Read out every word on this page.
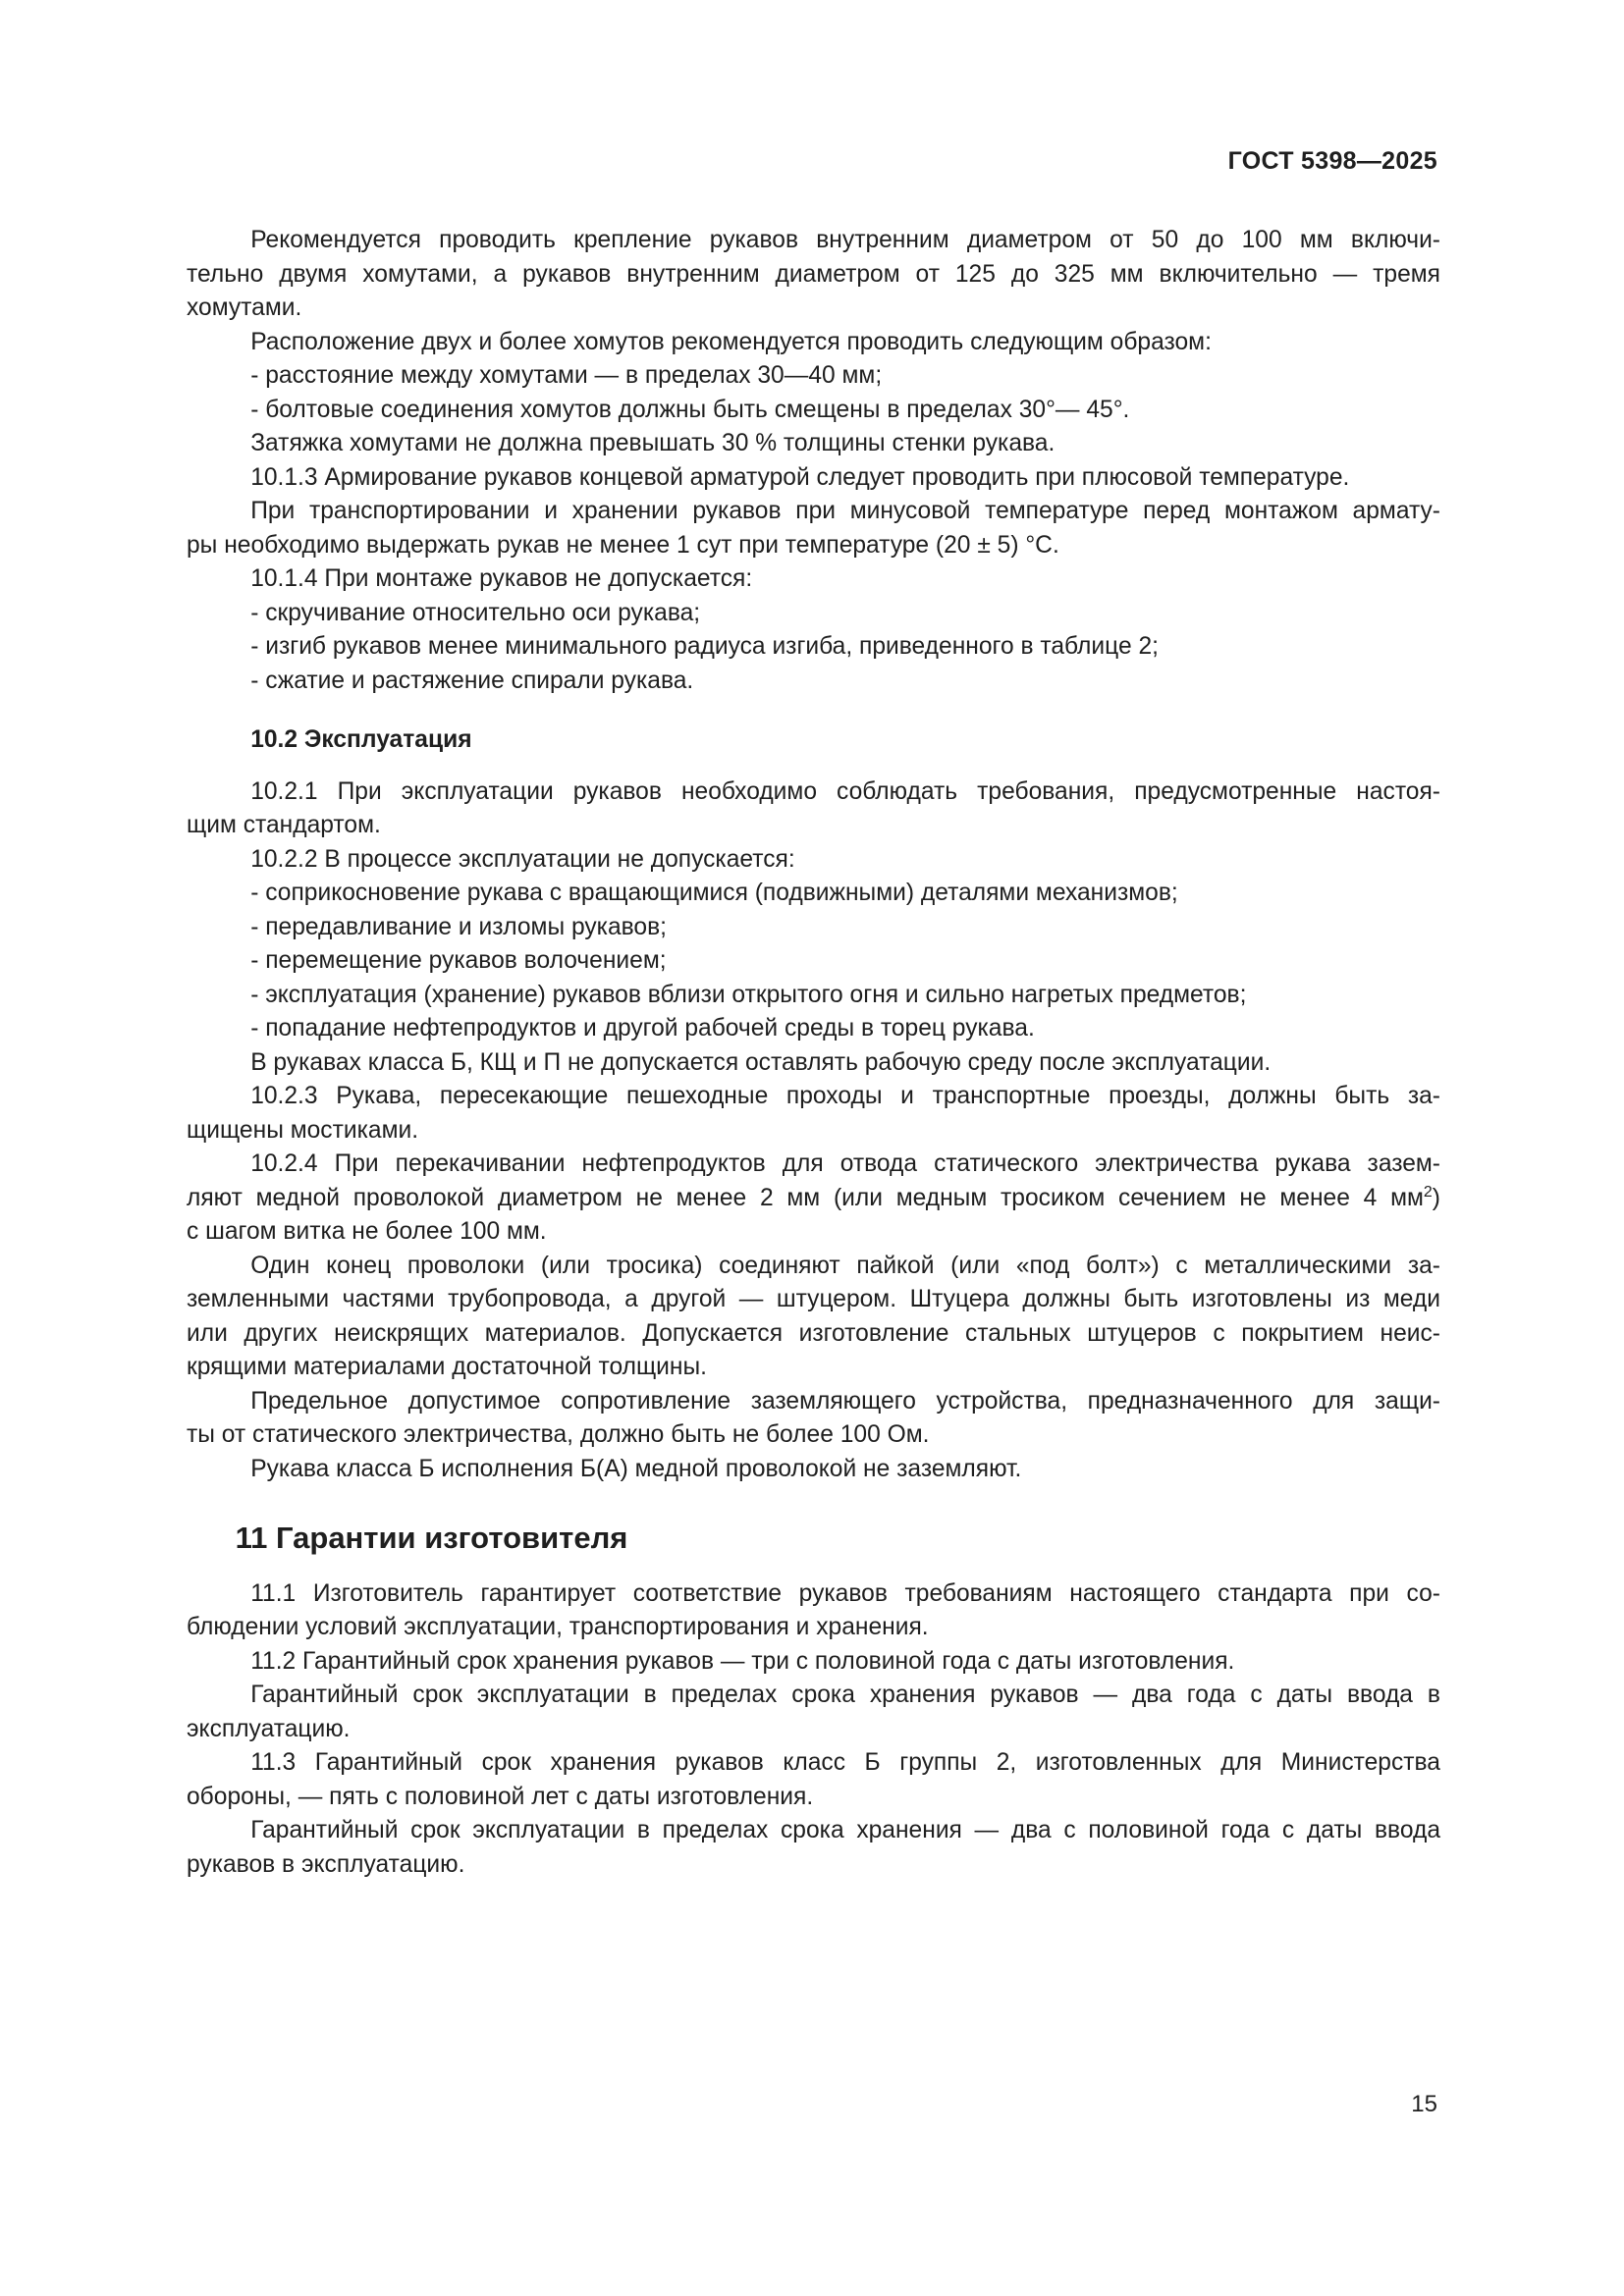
ГОСТ 5398—2025
Рекомендуется проводить крепление рукавов внутренним диаметром от 50 до 100 мм включи-
тельно двумя хомутами, а рукавов внутренним диаметром от 125 до 325 мм включительно — тремя
хомутами.
Расположение двух и более хомутов рекомендуется проводить следующим образом:
- расстояние между хомутами — в пределах 30—40 мм;
- болтовые соединения хомутов должны быть смещены в пределах 30°— 45°.
Затяжка хомутами не должна превышать 30 % толщины стенки рукава.
10.1.3 Армирование рукавов концевой арматурой следует проводить при плюсовой температуре.
При транспортировании и хранении рукавов при минусовой температуре перед монтажом армату-
ры необходимо выдержать рукав не менее 1 сут при температуре (20 ± 5) °С.
10.1.4 При монтаже рукавов не допускается:
- скручивание относительно оси рукава;
- изгиб рукавов менее минимального радиуса изгиба, приведенного в таблице 2;
- сжатие и растяжение спирали рукава.
10.2 Эксплуатация
10.2.1 При эксплуатации рукавов необходимо соблюдать требования, предусмотренные настоя-
щим стандартом.
10.2.2 В процессе эксплуатации не допускается:
- соприкосновение рукава с вращающимися (подвижными) деталями механизмов;
- передавливание и изломы рукавов;
- перемещение рукавов волочением;
- эксплуатация (хранение) рукавов вблизи открытого огня и сильно нагретых предметов;
- попадание нефтепродуктов и другой рабочей среды в торец рукава.
В рукавах класса Б, КЩ и П не допускается оставлять рабочую среду после эксплуатации.
10.2.3 Рукава, пересекающие пешеходные проходы и транспортные проезды, должны быть за-
щищены мостиками.
10.2.4 При перекачивании нефтепродуктов для отвода статического электричества рукава зазем-
ляют медной проволокой диаметром не менее 2 мм (или медным тросиком сечением не менее 4 $мм^2$)
с шагом витка не более 100 мм.
Один конец проволоки (или тросика) соединяют пайкой (или «под болт») с металлическими за-
земленными частями трубопровода, а другой — штуцером. Штуцера должны быть изготовлены из меди
или других неискрящих материалов. Допускается изготовление стальных штуцеров с покрытием неис-
крящими материалами достаточной толщины.
Предельное допустимое сопротивление заземляющего устройства, предназначенного для защи-
ты от статического электричества, должно быть не более 100 Ом.
Рукава класса Б исполнения Б(А) медной проволокой не заземляют.
11 Гарантии изготовителя
11.1 Изготовитель гарантирует соответствие рукавов требованиям настоящего стандарта при со-
блюдении условий эксплуатации, транспортирования и хранения.
11.2 Гарантийный срок хранения рукавов — три с половиной года с даты изготовления.
Гарантийный срок эксплуатации в пределах срока хранения рукавов — два года с даты ввода в
эксплуатацию.
11.3 Гарантийный срок хранения рукавов класс Б группы 2, изготовленных для Министерства
обороны, — пять с половиной лет с даты изготовления.
Гарантийный срок эксплуатации в пределах срока хранения — два с половиной года с даты ввода
рукавов в эксплуатацию.
15
